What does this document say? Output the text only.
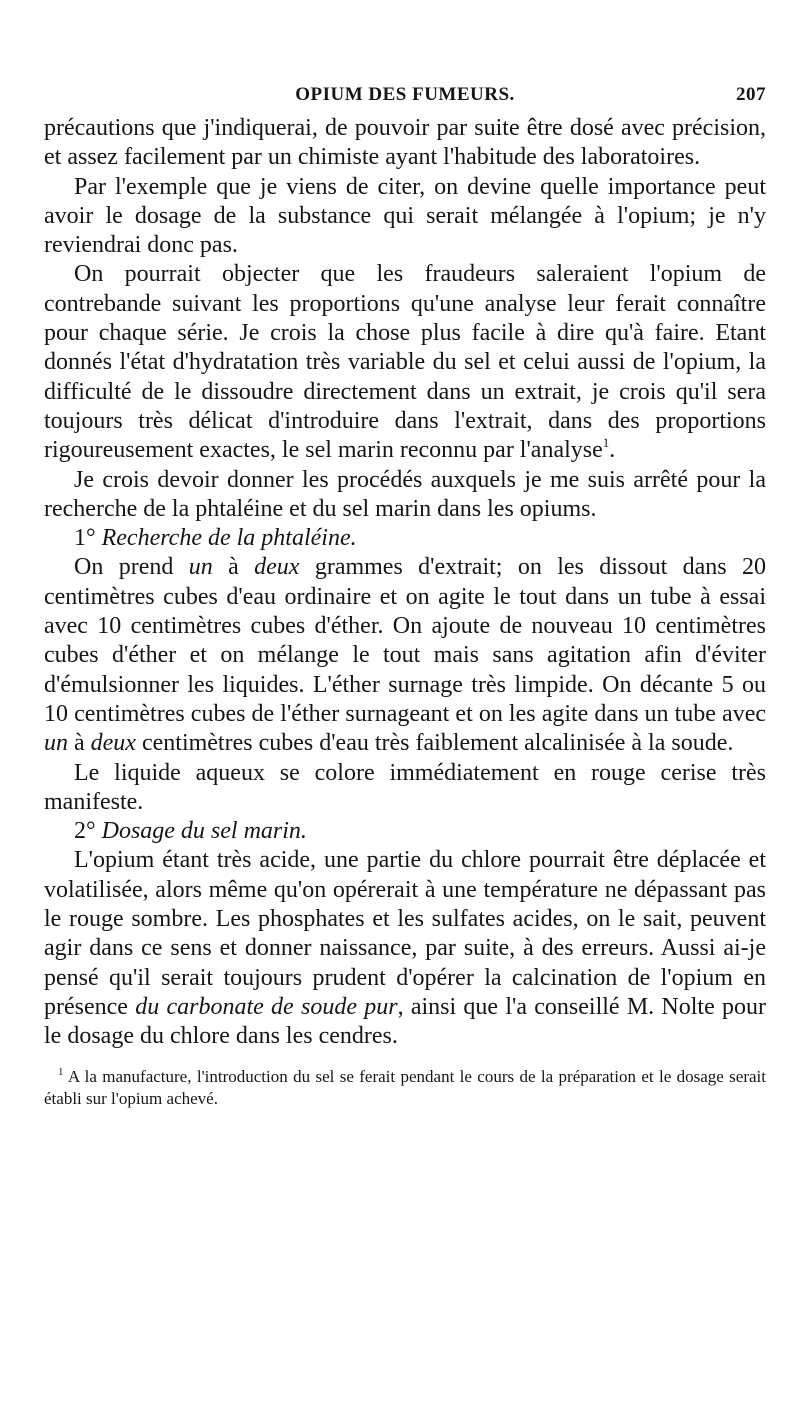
OPIUM DES FUMEURS.	207

précautions que j'indiquerai, de pouvoir par suite être dosé avec précision, et assez facilement par un chimiste ayant l'habitude des laboratoires.

Par l'exemple que je viens de citer, on devine quelle importance peut avoir le dosage de la substance qui serait mélangée à l'opium; je n'y reviendrai donc pas.

On pourrait objecter que les fraudeurs saleraient l'opium de contrebande suivant les proportions qu'une analyse leur ferait connaître pour chaque série. Je crois la chose plus facile à dire qu'à faire. Etant donnés l'état d'hydratation très variable du sel et celui aussi de l'opium, la difficulté de le dissoudre directement dans un extrait, je crois qu'il sera toujours très délicat d'introduire dans l'extrait, dans des proportions rigoureusement exactes, le sel marin reconnu par l'analyse$^1$.

Je crois devoir donner les procédés auxquels je me suis arrêté pour la recherche de la phtaléine et du sel marin dans les opiums.

1° Recherche de la phtaléine.

On prend un à deux grammes d'extrait; on les dissout dans 20 centimètres cubes d'eau ordinaire et on agite le tout dans un tube à essai avec 10 centimètres cubes d'éther. On ajoute de nouveau 10 centimètres cubes d'éther et on mélange le tout mais sans agitation afin d'éviter d'émulsionner les liquides. L'éther surnage très limpide. On décante 5 ou 10 centimètres cubes de l'éther surnageant et on les agite dans un tube avec un à deux centimètres cubes d'eau très faiblement alcalinisée à la soude.

Le liquide aqueux se colore immédiatement en rouge cerise très manifeste.

2° Dosage du sel marin.

L'opium étant très acide, une partie du chlore pourrait être déplacée et volatilisée, alors même qu'on opérerait à une température ne dépassant pas le rouge sombre. Les phosphates et les sulfates acides, on le sait, peuvent agir dans ce sens et donner naissance, par suite, à des erreurs. Aussi ai-je pensé qu'il serait toujours prudent d'opérer la calcination de l'opium en présence du carbonate de soude pur, ainsi que l'a conseillé M. Nolte pour le dosage du chlore dans les cendres.

$^1$ A la manufacture, l'introduction du sel se ferait pendant le cours de la préparation et le dosage serait établi sur l'opium achevé.
